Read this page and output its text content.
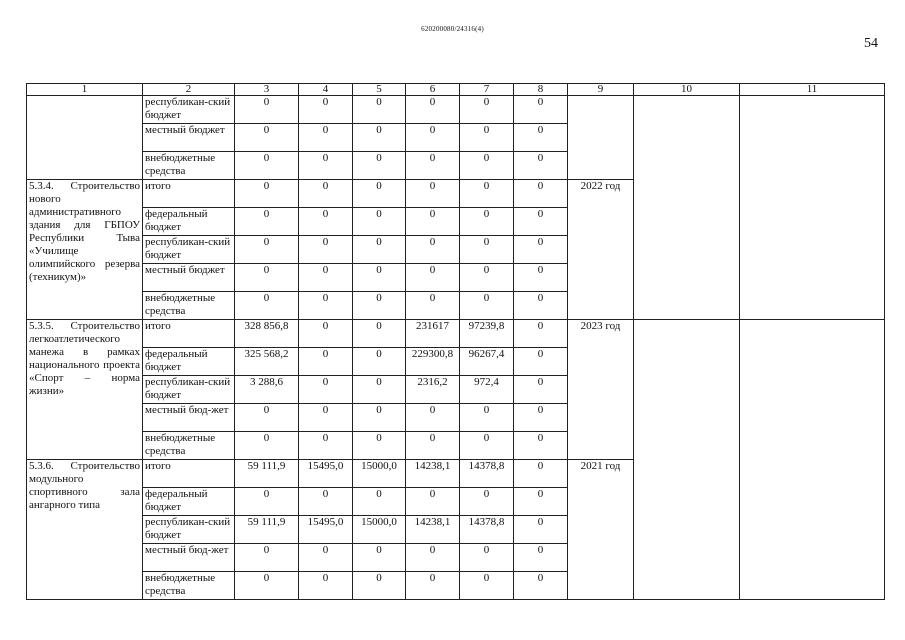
620200080/24316(4)
54
1	2	3	4	5	6	7	8	9	10	11
	республикан-ский бюджет	0	0	0	0	0	0			
	местный бюджет	0	0	0	0	0	0			
	внебюджетные средства	0	0	0	0	0	0			
5.3.4. Строительство нового административного здания для ГБПОУ Республики Тыва «Училище олимпийского резерва (техникум)»	итого	0	0	0	0	0	0	2022 год		
	федеральный бюджет	0	0	0	0	0	0			
	республикан-ский бюджет	0	0	0	0	0	0			
	местный бюджет	0	0	0	0	0	0			
	внебюджетные средства	0	0	0	0	0	0			
5.3.5. Строительство легкоатлетического манежа в рамках национального проекта «Спорт – норма жизни»	итого	328 856,8	0	0	231617	97239,8	0	2023 год		
	федеральный бюджет	325 568,2	0	0	229300,8	96267,4	0			
	республикан-ский бюджет	3 288,6	0	0	2316,2	972,4	0			
	местный бюд-жет	0	0	0	0	0	0			
	внебюджетные средства	0	0	0	0	0	0			
5.3.6. Строительство модульного спортивного зала ангарного типа	итого	59 111,9	15495,0	15000,0	14238,1	14378,8	0	2021 год		
	федеральный бюджет	0	0	0	0	0	0			
	республикан-ский бюджет	59 111,9	15495,0	15000,0	14238,1	14378,8	0			
	местный бюд-жет	0	0	0	0	0	0			
	внебюджетные средства	0	0	0	0	0	0			
